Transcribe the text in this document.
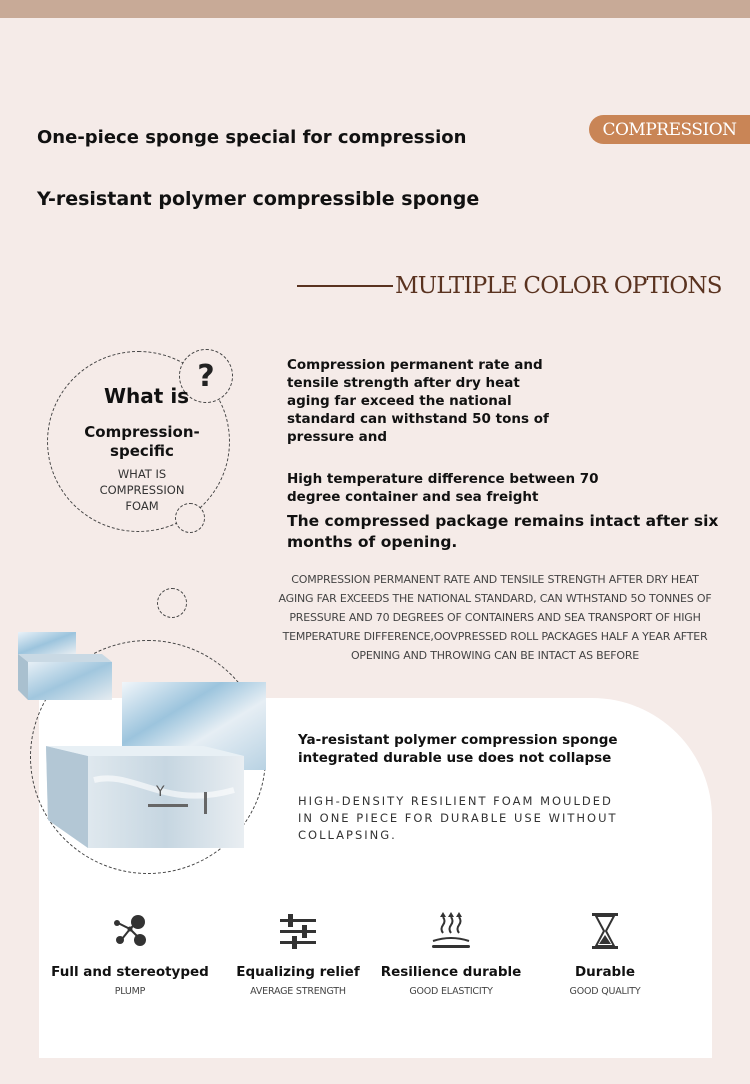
COMPRESSION
One-piece sponge special for compression
Y-resistant polymer compressible sponge
MULTIPLE COLOR OPTIONS
?
What is
Compression-specific
WHAT IS COMPRESSION FOAM
Compression permanent rate and tensile strength after dry heat aging far exceed the national standard can withstand 50 tons of pressure and
High temperature difference between 70 degree container and sea freight
The compressed package remains intact after six months of opening.
COMPRESSION PERMANENT RATE AND TENSILE STRENGTH AFTER DRY HEAT AGING FAR EXCEEDS THE NATIONAL STANDARD, CAN WTHSTAND 5O TONNES OF PRESSURE AND 70 DEGREES OF CONTAINERS AND SEA TRANSPORT OF HIGH TEMPERATURE DIFFERENCE,OOVPRESSED ROLL PACKAGES HALF A YEAR AFTER OPENING AND THROWING CAN BE INTACT AS BEFORE
Y
Ya-resistant polymer compression sponge integrated durable use does not collapse
HIGH-DENSITY RESILIENT FOAM MOULDED IN ONE PIECE FOR DURABLE USE WITHOUT COLLAPSING.
Full and stereotyped
PLUMP
Equalizing relief
AVERAGE STRENGTH
Resilience durable
GOOD ELASTICITY
Durable
GOOD QUALITY
